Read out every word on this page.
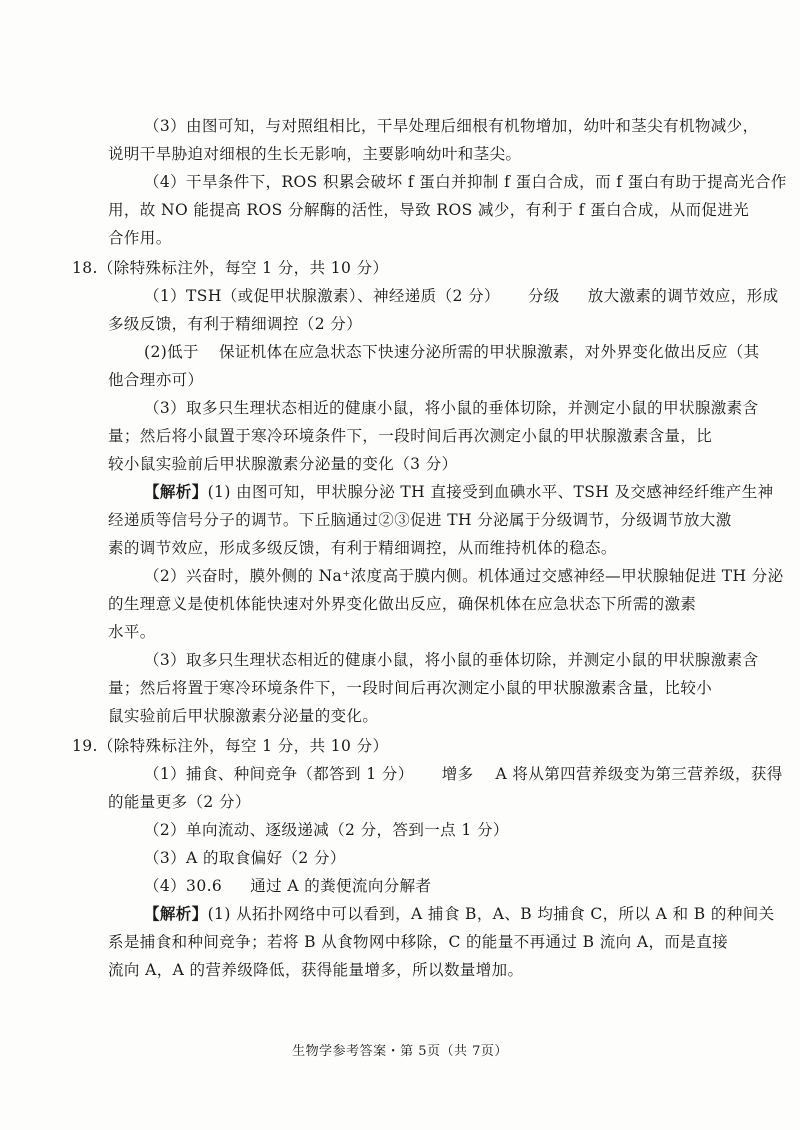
（3）由图可知，与对照组相比，干旱处理后细根有机物增加，幼叶和茎尖有机物减少，
说明干旱胁迫对细根的生长无影响，主要影响幼叶和茎尖。
（4）干旱条件下，ROS 积累会破坏 f 蛋白并抑制 f 蛋白合成，而 f 蛋白有助于提高光合作
用，故 NO 能提高 ROS 分解酶的活性，导致 ROS 减少，有利于 f 蛋白合成，从而促进光
合作用。
18.（除特殊标注外，每空 1 分，共 10 分）
（1）TSH（或促甲状腺激素）、神经递质（2 分） 分级 放大激素的调节效应，形成
多级反馈，有利于精细调控（2 分）
(2)低于 保证机体在应急状态下快速分泌所需的甲状腺激素，对外界变化做出反应（其
他合理亦可）
（3）取多只生理状态相近的健康小鼠，将小鼠的垂体切除，并测定小鼠的甲状腺激素含
量；然后将小鼠置于寒冷环境条件下，一段时间后再次测定小鼠的甲状腺激素含量，比
较小鼠实验前后甲状腺激素分泌量的变化（3 分）
【解析】(1) 由图可知，甲状腺分泌 TH 直接受到血碘水平、TSH 及交感神经纤维产生神
经递质等信号分子的调节。下丘脑通过②③促进 TH 分泌属于分级调节，分级调节放大激
素的调节效应，形成多级反馈，有利于精细调控，从而维持机体的稳态。
（2）兴奋时，膜外侧的 Na⁺浓度高于膜内侧。机体通过交感神经—甲状腺轴促进 TH 分泌
的生理意义是使机体能快速对外界变化做出反应，确保机体在应急状态下所需的激素
水平。
（3）取多只生理状态相近的健康小鼠，将小鼠的垂体切除，并测定小鼠的甲状腺激素含
量；然后将置于寒冷环境条件下，一段时间后再次测定小鼠的甲状腺激素含量，比较小
鼠实验前后甲状腺激素分泌量的变化。
19.（除特殊标注外，每空 1 分，共 10 分）
（1）捕食、种间竞争（都答到 1 分） 增多 A 将从第四营养级变为第三营养级，获得
的能量更多（2 分）
（2）单向流动、逐级递减（2 分，答到一点 1 分）
（3）A 的取食偏好（2 分）
（4）30.6 通过 A 的粪便流向分解者
【解析】(1) 从拓扑网络中可以看到，A 捕食 B，A、B 均捕食 C，所以 A 和 B 的种间关
系是捕食和种间竞争；若将 B 从食物网中移除，C 的能量不再通过 B 流向 A，而是直接
流向 A，A 的营养级降低，获得能量增多，所以数量增加。
生物学参考答案・第 5页（共 7页）
